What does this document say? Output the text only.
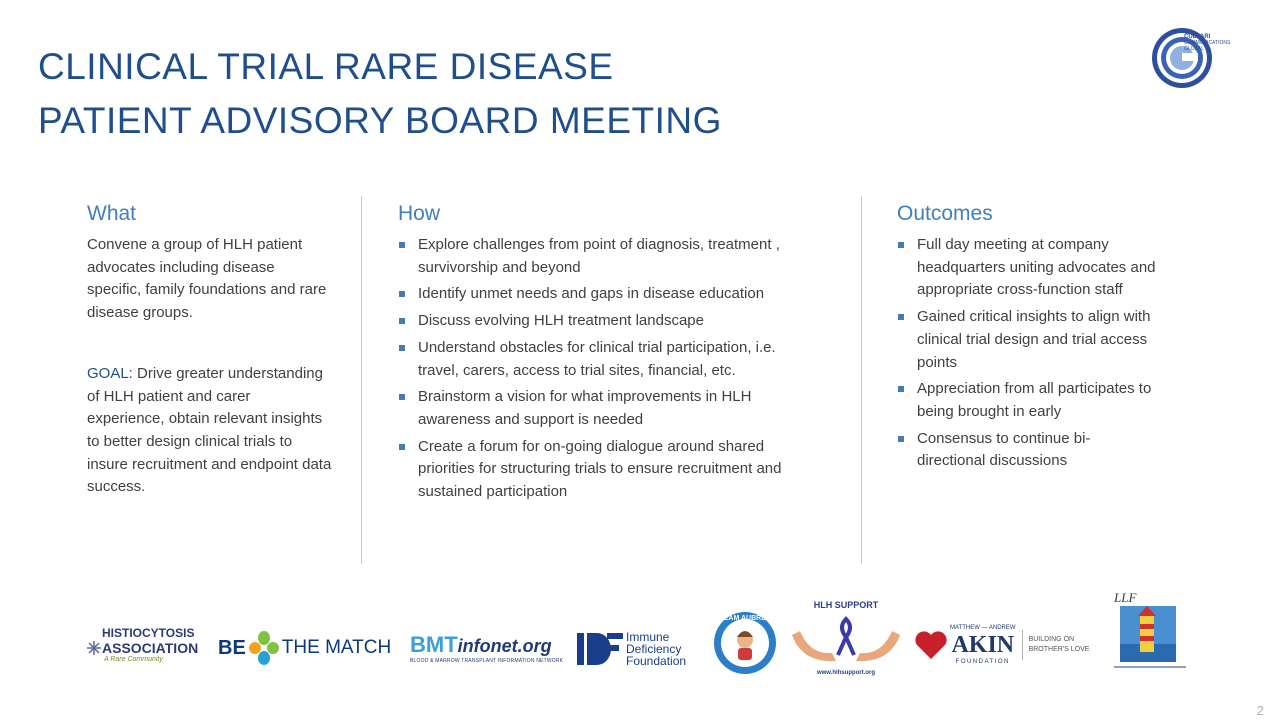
CLINICAL TRIAL RARE DISEASE
PATIENT ADVISORY BOARD MEETING
CULLARI
COMMUNICATIONS
GLOBAL
What

Convene a group of HLH patient advocates including disease specific, family foundations and rare disease groups.

GOAL: Drive greater understanding of HLH patient and carer experience, obtain relevant insights to better design clinical trials to insure recruitment and endpoint data success.

How
Explore challenges from point of diagnosis, treatment , survivorship and beyond
Identify unmet needs and gaps in disease education
Discuss evolving HLH treatment landscape
Understand obstacles for clinical trial participation, i.e. travel, carers, access to trial sites, financial, etc.
Brainstorm a vision for what improvements in HLH awareness and support is needed
Create a forum for on-going dialogue around shared priorities for structuring trials to ensure recruitment and sustained participation
Outcomes
Full day meeting at company headquarters uniting advocates and appropriate cross-function staff
Gained critical insights to align with clinical trial design and trial access points
Appreciation from all participates to being brought in early
Consensus to continue bi-directional discussions
HISTIOCYTOSIS
ASSOCIATION
A Rare Community
BE THE MATCH BMTinfonet.org
BLOOD & MARROW TRANSPLANT INFORMATION NETWORK
Immune
Deficiency
Foundation
TEAM AUBREY
HLH SUPPORT
www.hlhsupport.org
MATTHEW — ANDREW
AKIN
FOUNDATION
BUILDING ON
BROTHER'S LOVE
LLF
2
